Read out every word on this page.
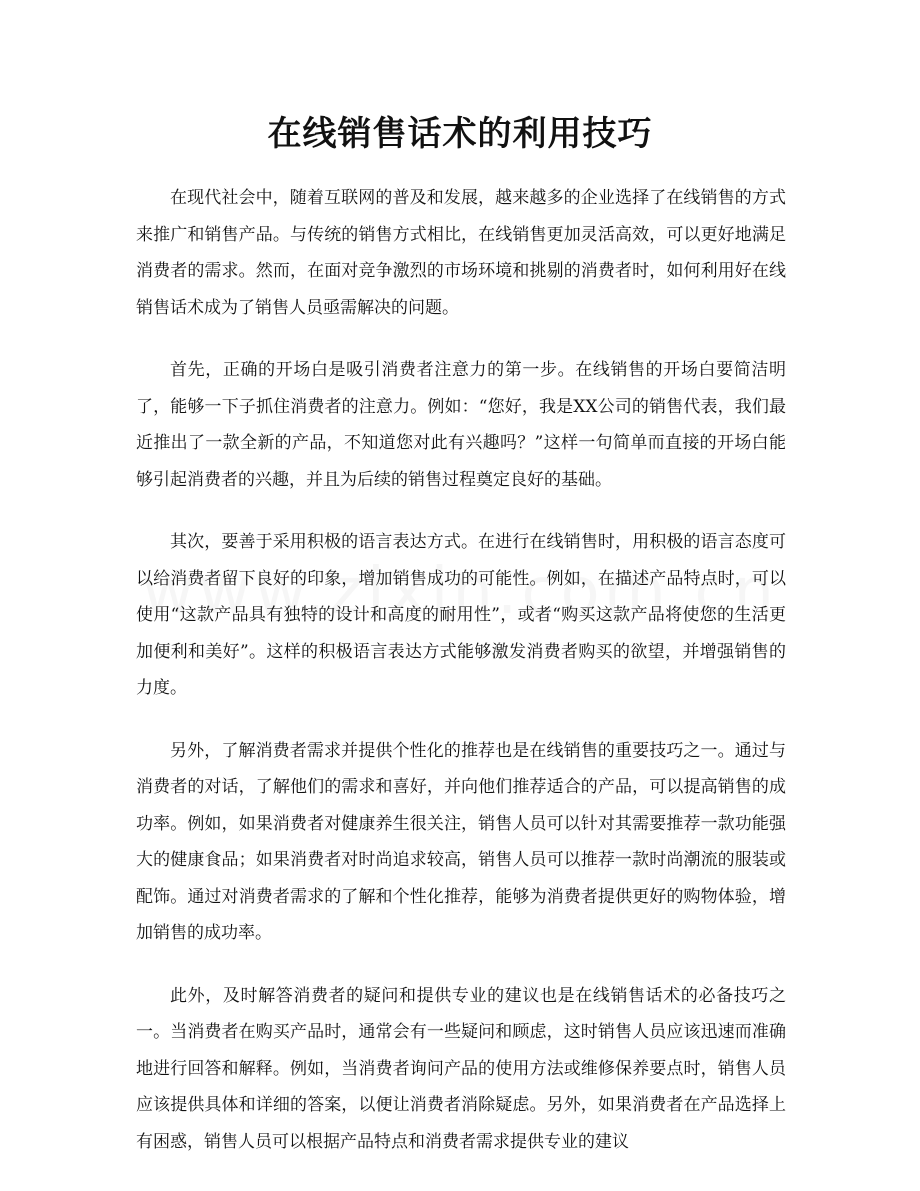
在线销售话术的利用技巧

在现代社会中，随着互联网的普及和发展，越来越多的企业选择了在线销售的方式来推广和销售产品。与传统的销售方式相比，在线销售更加灵活高效，可以更好地满足消费者的需求。然而，在面对竞争激烈的市场环境和挑剔的消费者时，如何利用好在线销售话术成为了销售人员亟需解决的问题。

首先，正确的开场白是吸引消费者注意力的第一步。在线销售的开场白要简洁明了，能够一下子抓住消费者的注意力。例如：“您好，我是XX公司的销售代表，我们最近推出了一款全新的产品，不知道您对此有兴趣吗？”这样一句简单而直接的开场白能够引起消费者的兴趣，并且为后续的销售过程奠定良好的基础。

其次，要善于采用积极的语言表达方式。在进行在线销售时，用积极的语言态度可以给消费者留下良好的印象，增加销售成功的可能性。例如，在描述产品特点时，可以使用“这款产品具有独特的设计和高度的耐用性”，或者“购买这款产品将使您的生活更加便利和美好”。这样的积极语言表达方式能够激发消费者购买的欲望，并增强销售的力度。

另外，了解消费者需求并提供个性化的推荐也是在线销售的重要技巧之一。通过与消费者的对话，了解他们的需求和喜好，并向他们推荐适合的产品，可以提高销售的成功率。例如，如果消费者对健康养生很关注，销售人员可以针对其需要推荐一款功能强大的健康食品；如果消费者对时尚追求较高，销售人员可以推荐一款时尚潮流的服装或配饰。通过对消费者需求的了解和个性化推荐，能够为消费者提供更好的购物体验，增加销售的成功率。

此外，及时解答消费者的疑问和提供专业的建议也是在线销售话术的必备技巧之一。当消费者在购买产品时，通常会有一些疑问和顾虑，这时销售人员应该迅速而准确地进行回答和解释。例如，当消费者询问产品的使用方法或维修保养要点时，销售人员应该提供具体和详细的答案，以便让消费者消除疑虑。另外，如果消费者在产品选择上有困惑，销售人员可以根据产品特点和消费者需求提供专业的建议
